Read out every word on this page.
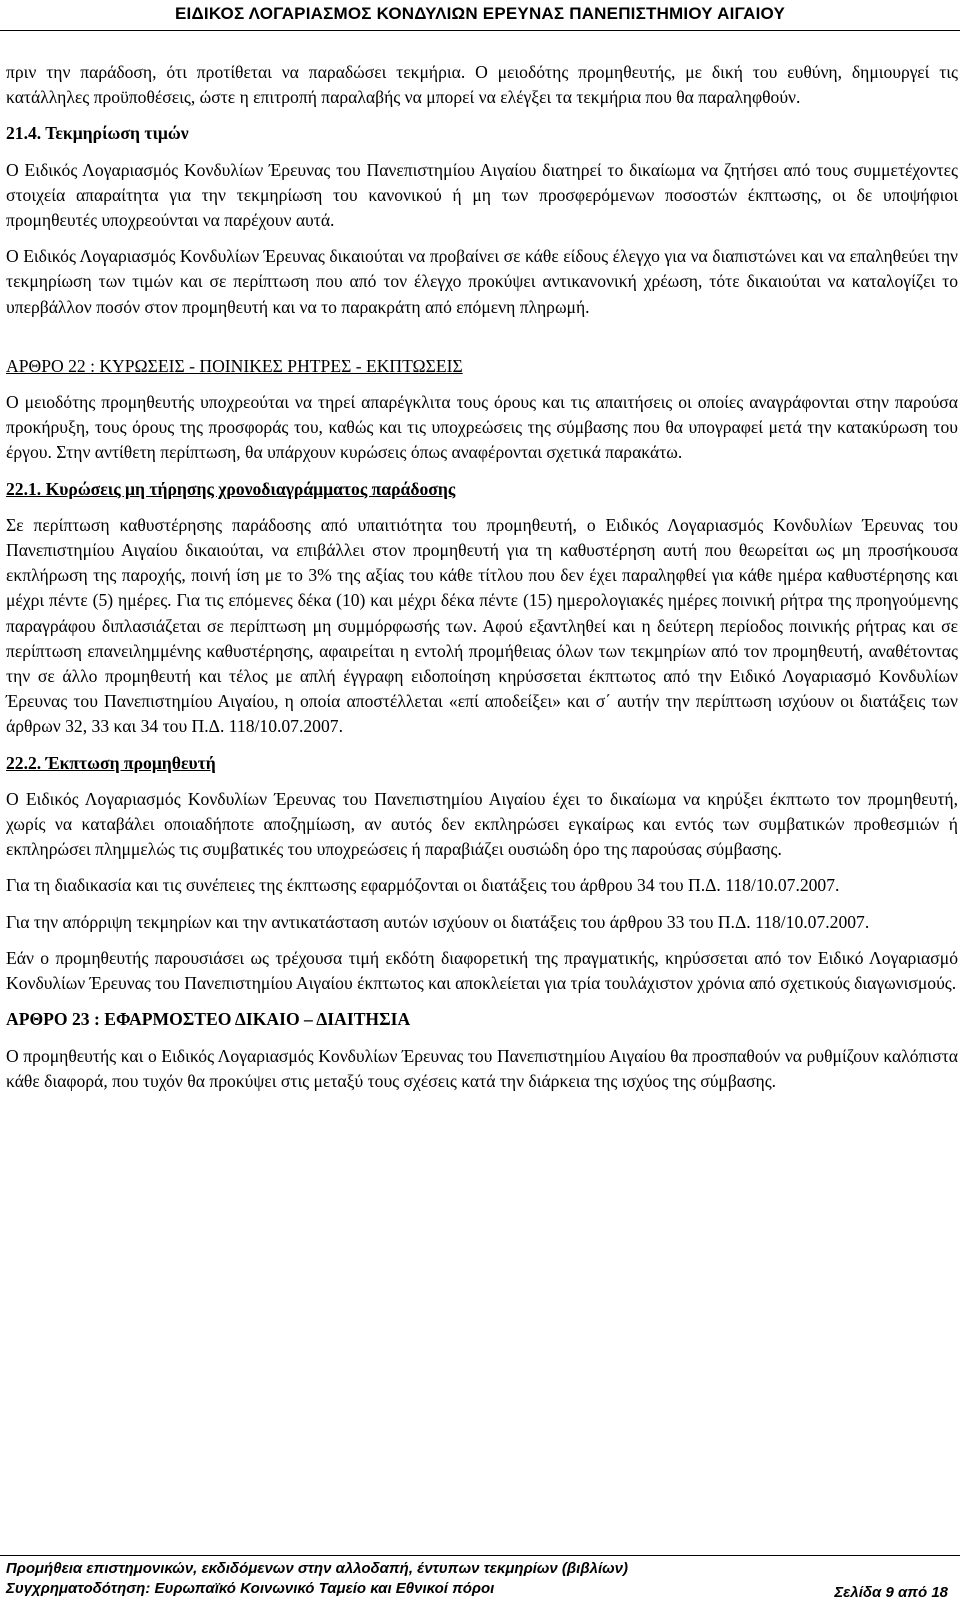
ΕΙΔΙΚΟΣ ΛΟΓΑΡΙΑΣΜΟΣ ΚΟΝΔΥΛΙΩΝ ΕΡΕΥΝΑΣ ΠΑΝΕΠΙΣΤΗΜΙΟΥ ΑΙΓΑΙΟΥ

πριν την παράδοση, ότι προτίθεται να παραδώσει τεκμήρια. Ο μειοδότης προμηθευτής, με δική του ευθύνη, δημιουργεί τις κατάλληλες προϋποθέσεις, ώστε η επιτροπή παραλαβής να μπορεί να ελέγξει τα τεκμήρια που θα παραληφθούν.

21.4. Τεκμηρίωση τιμών

Ο Ειδικός Λογαριασμός Κονδυλίων Έρευνας του Πανεπιστημίου Αιγαίου διατηρεί το δικαίωμα να ζητήσει από τους συμμετέχοντες στοιχεία απαραίτητα για την τεκμηρίωση του κανονικού ή μη των προσφερόμενων ποσοστών έκπτωσης, οι δε υποψήφιοι προμηθευτές υποχρεούνται να παρέχουν αυτά.

Ο Ειδικός Λογαριασμός Κονδυλίων Έρευνας δικαιούται να προβαίνει σε κάθε είδους έλεγχο για να διαπιστώνει και να επαληθεύει την τεκμηρίωση των τιμών και σε περίπτωση που από τον έλεγχο προκύψει αντικανονική χρέωση, τότε δικαιούται να καταλογίζει το υπερβάλλον ποσόν στον προμηθευτή και να το παρακράτη από επόμενη πληρωμή.

ΑΡΘΡΟ 22 : ΚΥΡΩΣΕΙΣ - ΠΟΙΝΙΚΕΣ ΡΗΤΡΕΣ - ΕΚΠΤΩΣΕΙΣ

Ο μειοδότης προμηθευτής υποχρεούται να τηρεί απαρέγκλιτα τους όρους και τις απαιτήσεις οι οποίες αναγράφονται στην παρούσα προκήρυξη, τους όρους της προσφοράς του, καθώς και τις υποχρεώσεις της σύμβασης που θα υπογραφεί μετά την κατακύρωση του έργου. Στην αντίθετη περίπτωση, θα υπάρχουν κυρώσεις όπως αναφέρονται σχετικά παρακάτω.

22.1. Κυρώσεις μη τήρησης χρονοδιαγράμματος παράδοσης

Σε περίπτωση καθυστέρησης παράδοσης από υπαιτιότητα του προμηθευτή, ο Ειδικός Λογαριασμός Κονδυλίων Έρευνας του Πανεπιστημίου Αιγαίου δικαιούται, να επιβάλλει στον προμηθευτή για τη καθυστέρηση αυτή που θεωρείται ως μη προσήκουσα εκπλήρωση της παροχής, ποινή ίση με το 3% της αξίας του κάθε τίτλου που δεν έχει παραληφθεί για κάθε ημέρα καθυστέρησης και μέχρι πέντε (5) ημέρες. Για τις επόμενες δέκα (10) και μέχρι δέκα πέντε (15) ημερολογιακές ημέρες ποινική ρήτρα της προηγούμενης παραγράφου διπλασιάζεται σε περίπτωση μη συμμόρφωσής των. Αφού εξαντληθεί και η δεύτερη περίοδος ποινικής ρήτρας και σε περίπτωση επανειλημμένης καθυστέρησης, αφαιρείται η εντολή προμήθειας όλων των τεκμηρίων από τον προμηθευτή, αναθέτοντας την σε άλλο προμηθευτή και τέλος με απλή έγγραφη ειδοποίηση κηρύσσεται έκπτωτος από την Ειδικό Λογαριασμό Κονδυλίων Έρευνας του Πανεπιστημίου Αιγαίου, η οποία αποστέλλεται «επί αποδείξει» και σ΄ αυτήν την περίπτωση ισχύουν οι διατάξεις των άρθρων 32, 33 και 34 του Π.Δ. 118/10.07.2007.

22.2. Έκπτωση προμηθευτή

Ο Ειδικός Λογαριασμός Κονδυλίων Έρευνας του Πανεπιστημίου Αιγαίου έχει το δικαίωμα να κηρύξει έκπτωτο τον προμηθευτή, χωρίς να καταβάλει οποιαδήποτε αποζημίωση, αν αυτός δεν εκπληρώσει εγκαίρως και εντός των συμβατικών προθεσμιών ή εκπληρώσει πλημμελώς τις συμβατικές του υποχρεώσεις ή παραβιάζει ουσιώδη όρο της παρούσας σύμβασης.

Για τη διαδικασία και τις συνέπειες της έκπτωσης εφαρμόζονται οι διατάξεις του άρθρου 34 του Π.Δ. 118/10.07.2007.

Για την απόρριψη τεκμηρίων και την αντικατάσταση αυτών ισχύουν οι διατάξεις του άρθρου 33 του Π.Δ. 118/10.07.2007.

Εάν ο προμηθευτής παρουσιάσει ως τρέχουσα τιμή εκδότη διαφορετική της πραγματικής, κηρύσσεται από τον Ειδικό Λογαριασμό Κονδυλίων Έρευνας του Πανεπιστημίου Αιγαίου έκπτωτος και αποκλείεται για τρία τουλάχιστον χρόνια από σχετικούς διαγωνισμούς.

ΑΡΘΡΟ 23 : ΕΦΑΡΜΟΣΤΕΟ ΔΙΚΑΙΟ – ΔΙΑΙΤΗΣΙΑ

Ο προμηθευτής και ο Ειδικός Λογαριασμός Κονδυλίων Έρευνας του Πανεπιστημίου Αιγαίου θα προσπαθούν να ρυθμίζουν καλόπιστα κάθε διαφορά, που τυχόν θα προκύψει στις μεταξύ τους σχέσεις κατά την διάρκεια της ισχύος της σύμβασης.

Προμήθεια επιστημονικών, εκδιδόμενων στην αλλοδαπή, έντυπων τεκμηρίων (βιβλίων)
Συγχρηματοδότηση: Ευρωπαϊκό Κοινωνικό Ταμείο και Εθνικοί πόροι	Σελίδα 9 από 18
